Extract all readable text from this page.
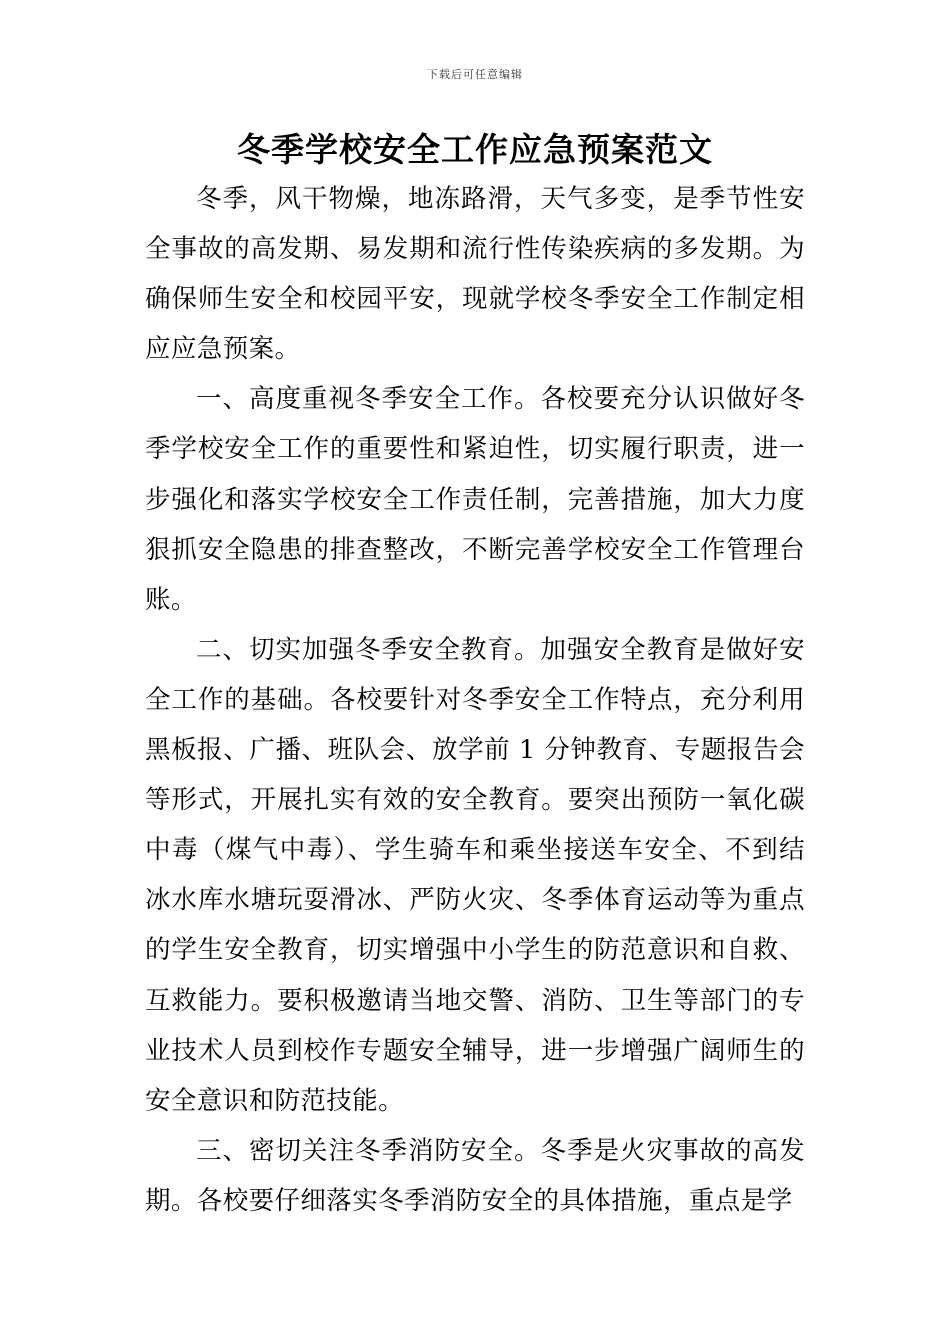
下载后可任意编辑
冬季学校安全工作应急预案范文

冬季，风干物燥，地冻路滑，天气多变，是季节性安全事故的高发期、易发期和流行性传染疾病的多发期。为确保师生安全和校园平安，现就学校冬季安全工作制定相应应急预案。

一、高度重视冬季安全工作。各校要充分认识做好冬季学校安全工作的重要性和紧迫性，切实履行职责，进一步强化和落实学校安全工作责任制，完善措施，加大力度狠抓安全隐患的排查整改，不断完善学校安全工作管理台账。

二、切实加强冬季安全教育。加强安全教育是做好安全工作的基础。各校要针对冬季安全工作特点，充分利用黑板报、广播、班队会、放学前 1 分钟教育、专题报告会等形式，开展扎实有效的安全教育。要突出预防一氧化碳中毒（煤气中毒）、学生骑车和乘坐接送车安全、不到结冰水库水塘玩耍滑冰、严防火灾、冬季体育运动等为重点的学生安全教育，切实增强中小学生的防范意识和自救、互救能力。要积极邀请当地交警、消防、卫生等部门的专业技术人员到校作专题安全辅导，进一步增强广阔师生的安全意识和防范技能。

三、密切关注冬季消防安全。冬季是火灾事故的高发期。各校要仔细落实冬季消防安全的具体措施，重点是学
